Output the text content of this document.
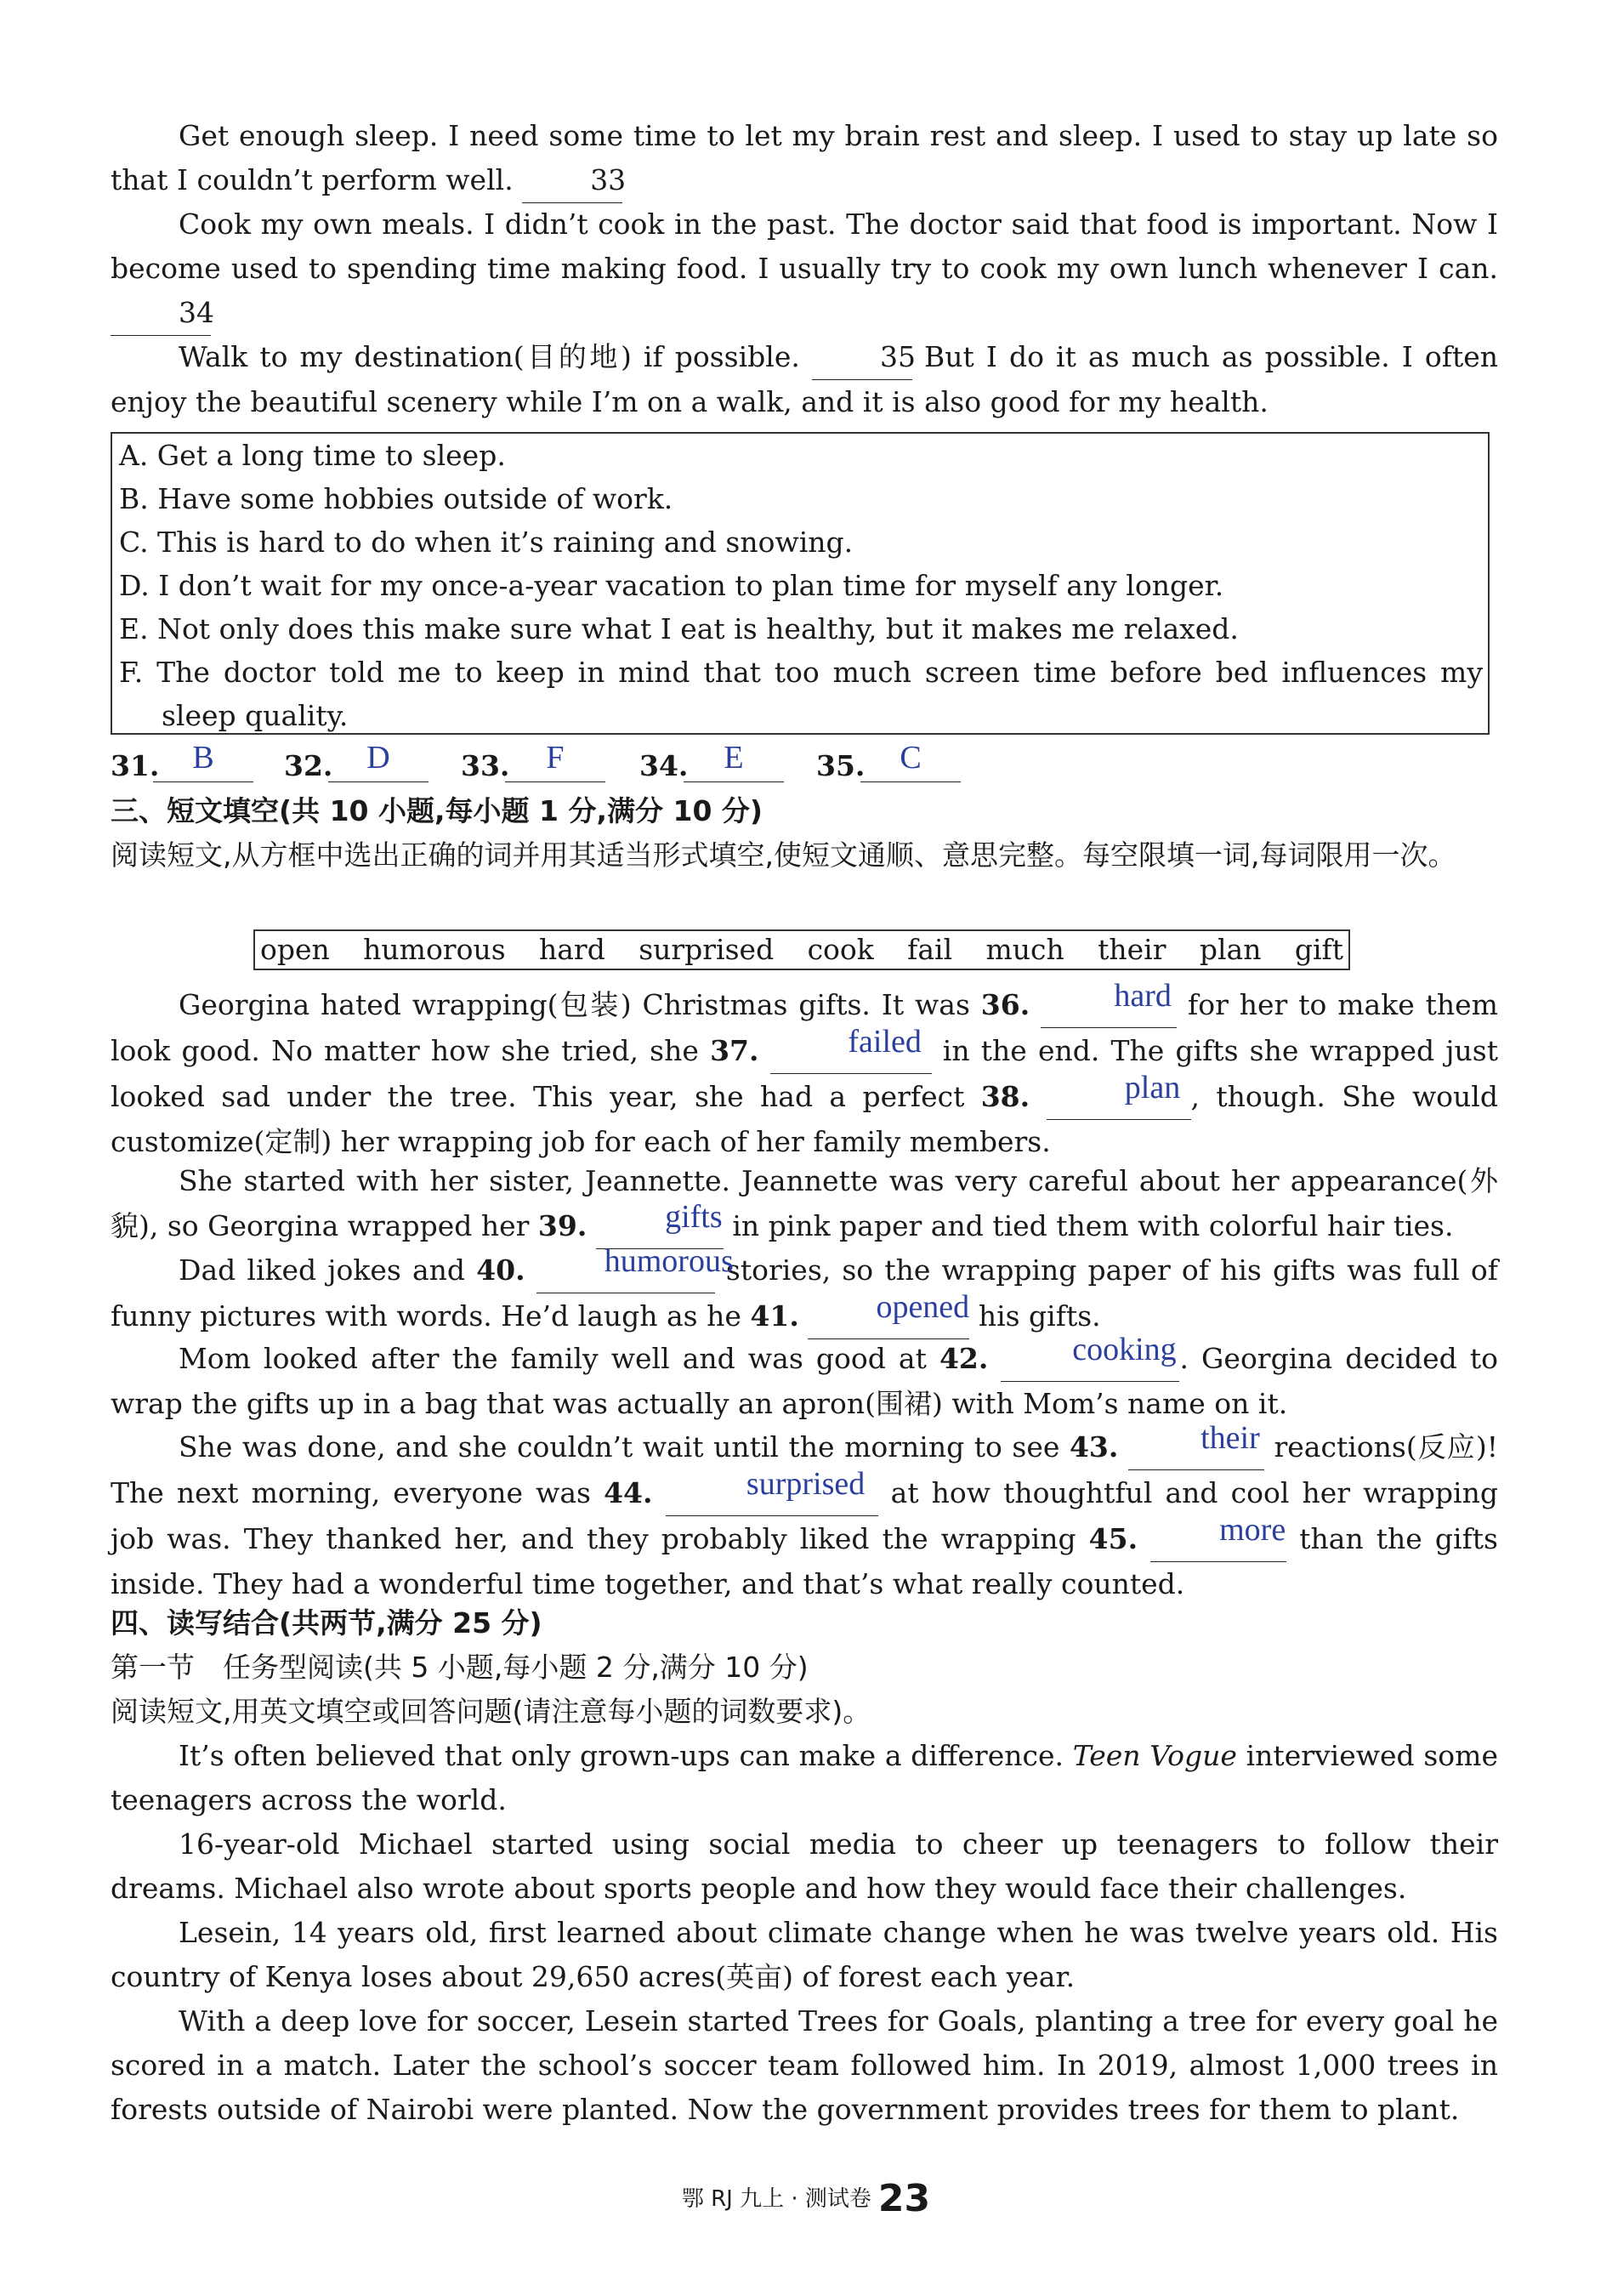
Get enough sleep. I need some time to let my brain rest and sleep. I used to stay up late so that I couldn’t perform well.	33
Cook my own meals. I didn’t cook in the past. The doctor said that food is important. Now I become used to spending time making food. I usually try to cook my own lunch whenever I can. 34
Walk to my destination(目的地) if possible.	35 But I do it as much as possible. I often enjoy the beautiful scenery while I’m on a walk, and it is also good for my health.
A. Get a long time to sleep.
B. Have some hobbies outside of work.
C. This is hard to do when it’s raining and snowing.
D. I don’t wait for my once-a-year vacation to plan time for myself any longer.
E. Not only does this make sure what I eat is healthy, but it makes me relaxed.
F. The doctor told me to keep in mind that too much screen time before bed influences my
sleep quality.
31.	B	32.	D	33.	F	34.	E	35.	C
三、短文填空(共 10 小题,每小题 1 分,满分 10 分)
阅读短文,从方框中选出正确的词并用其适当形式填空,使短文通顺、意思完整。每空限填一词,每词限用一次。
open humorous hard surprised cook fail much their plan gift
Georgina hated wrapping(包装) Christmas gifts. It was 36.	hard for her to make them look good. No matter how she tried, she 37.	failed in the end. The gifts she wrapped just looked sad under the tree. This year, she had a perfect 38.	plan , though. She would customize(定制) her wrapping job for each of her family members.
She started with her sister, Jeannette. Jeannette was very careful about her appearance(外貌), so Georgina wrapped her 39. gifts in pink paper and tied them with colorful hair ties.
Dad liked jokes and 40. humorous stories, so the wrapping paper of his gifts was full of funny pictures with words. He’d laugh as he 41. opened his gifts.
Mom looked after the family well and was good at 42.	cooking . Georgina decided to wrap the gifts up in a bag that was actually an apron(围裙) with Mom’s name on it.
She was done, and she couldn’t wait until the morning to see 43.	their reactions(反应)! The next morning, everyone was 44.	surprised at how thoughtful and cool her wrapping job was. They thanked her, and they probably liked the wrapping 45.	more than the gifts inside. They had a wonderful time together, and that’s what really counted.
四、读写结合(共两节,满分 25 分)
第一节　任务型阅读(共 5 小题,每小题 2 分,满分 10 分)
阅读短文,用英文填空或回答问题(请注意每小题的词数要求)。
It’s often believed that only grown-ups can make a difference. Teen Vogue interviewed some teenagers across the world.
16-year-old Michael started using social media to cheer up teenagers to follow their dreams. Michael also wrote about sports people and how they would face their challenges.
Lesein, 14 years old, first learned about climate change when he was twelve years old. His country of Kenya loses about 29,650 acres(英亩) of forest each year.
With a deep love for soccer, Lesein started Trees for Goals, planting a tree for every goal he scored in a match. Later the school’s soccer team followed him. In 2019, almost 1,000 trees in forests outside of Nairobi were planted. Now the government provides trees for them to plant.
鄂 RJ 九上 · 测试卷 23
